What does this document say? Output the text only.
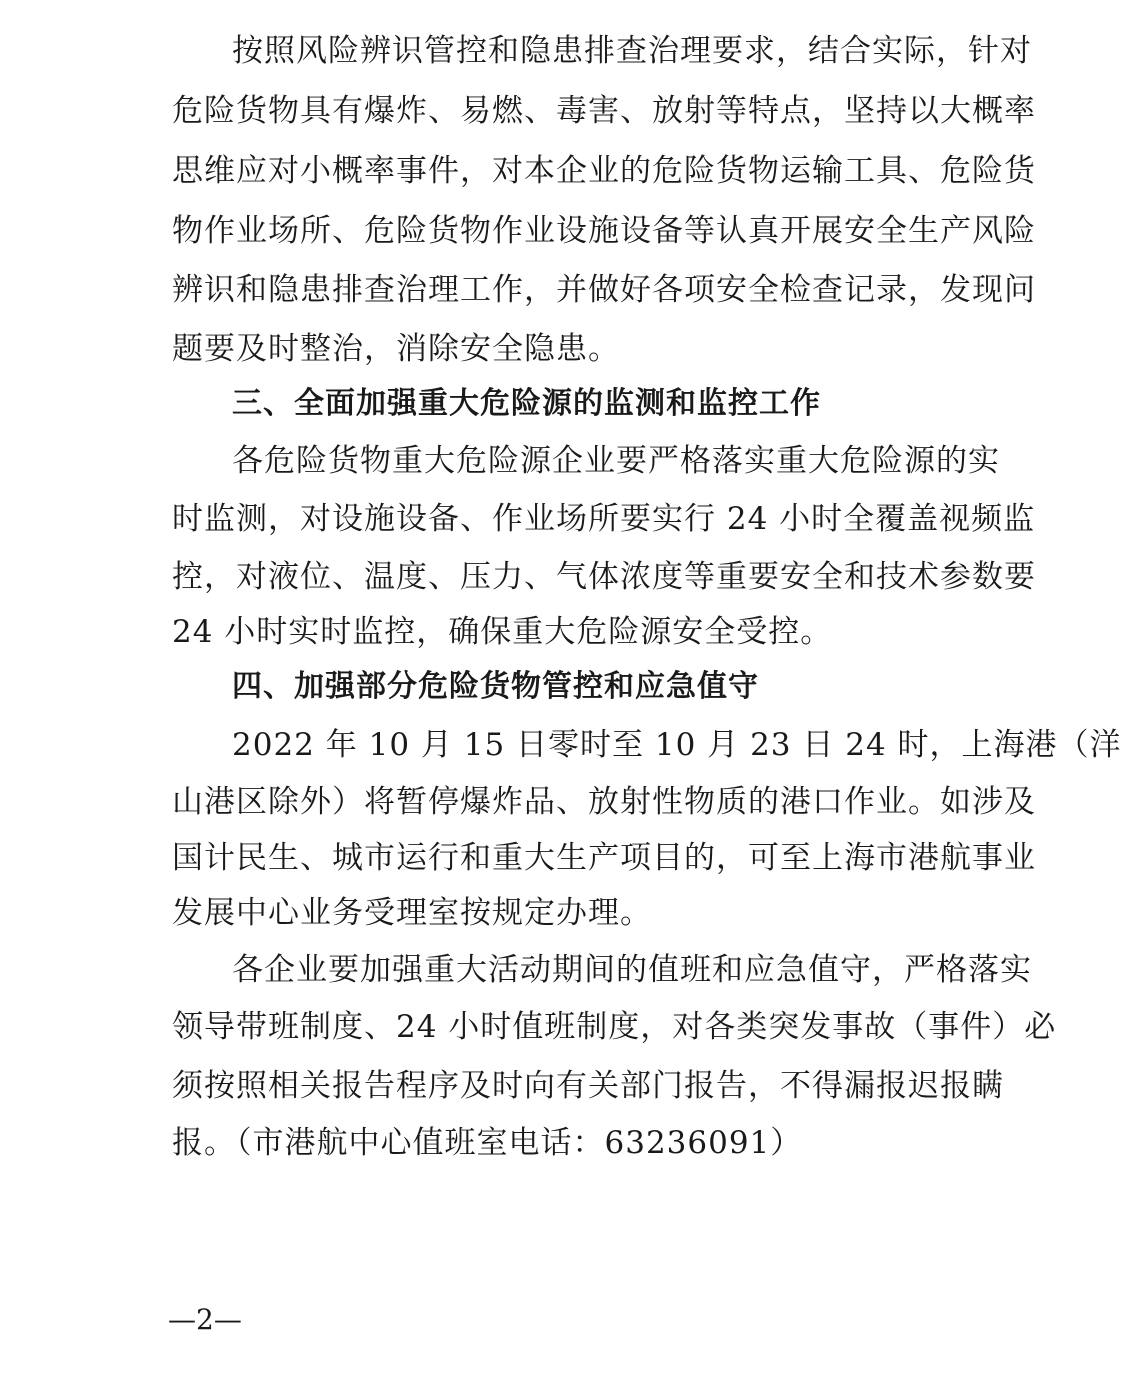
按照风险辨识管控和隐患排查治理要求，结合实际，针对
危险货物具有爆炸、易燃、毒害、放射等特点，坚持以大概率
思维应对小概率事件，对本企业的危险货物运输工具、危险货
物作业场所、危险货物作业设施设备等认真开展安全生产风险
辨识和隐患排查治理工作，并做好各项安全检查记录，发现问
题要及时整治，消除安全隐患。
三、全面加强重大危险源的监测和监控工作
各危险货物重大危险源企业要严格落实重大危险源的实
时监测，对设施设备、作业场所要实行 24 小时全覆盖视频监
控，对液位、温度、压力、气体浓度等重要安全和技术参数要
24 小时实时监控，确保重大危险源安全受控。
四、加强部分危险货物管控和应急值守
2022 年 10 月 15 日零时至 10 月 23 日 24 时，上海港（洋
山港区除外）将暂停爆炸品、放射性物质的港口作业。如涉及
国计民生、城市运行和重大生产项目的，可至上海市港航事业
发展中心业务受理室按规定办理。
各企业要加强重大活动期间的值班和应急值守，严格落实
领导带班制度、24 小时值班制度，对各类突发事故（事件）必
须按照相关报告程序及时向有关部门报告，不得漏报迟报瞒
报。（市港航中心值班室电话：63236091）
—2—
